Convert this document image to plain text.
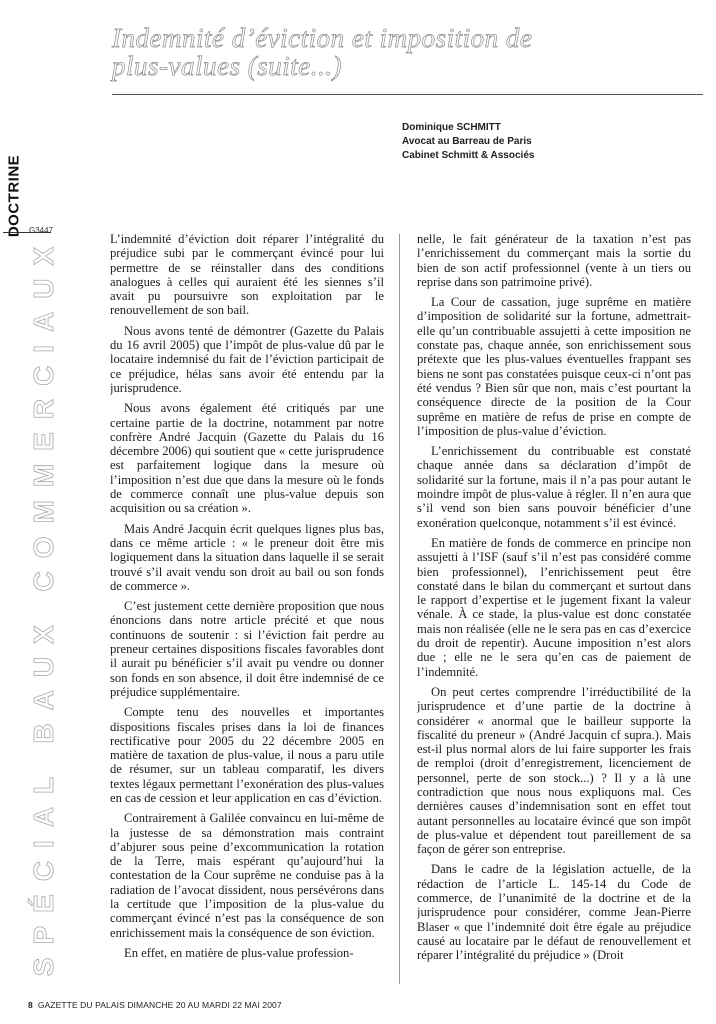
Indemnité d’éviction et imposition de
plus-values (suite...)
Dominique SCHMITT
Avocat au Barreau de Paris
Cabinet Schmitt & Associés
DOCTRINE G3447
SPÉCIAL BAUX COMMERCIAUX	L’indemnité d’éviction doit réparer l’intégralité du préjudice subi par le commerçant évincé pour lui permettre de se réinstaller dans des conditions analogues à celles qui auraient été les siennes s’il avait pu poursuivre son exploitation par le renouvellement de son bail.

Nous avons tenté de démontrer (Gazette du Palais du 16 avril 2005) que l’impôt de plus-value dû par le locataire indemnisé du fait de l’éviction participait de ce préjudice, hélas sans avoir été entendu par la jurisprudence.

Nous avons également été critiqués par une certaine partie de la doctrine, notamment par notre confrère André Jacquin (Gazette du Palais du 16 décembre 2006) qui soutient que « cette jurisprudence est parfaitement logique dans la mesure où l’imposition n’est due que dans la mesure où le fonds de commerce connaît une plus-value depuis son acquisition ou sa création ».

Mais André Jacquin écrit quelques lignes plus bas, dans ce même article : « le preneur doit être mis logiquement dans la situation dans laquelle il se serait trouvé s’il avait vendu son droit au bail ou son fonds de commerce ».

C’est justement cette dernière proposition que nous énoncions dans notre article précité et que nous continuons de soutenir : si l’éviction fait perdre au preneur certaines dispositions fiscales favorables dont il aurait pu bénéficier s’il avait pu vendre ou donner son fonds en son absence, il doit être indemnisé de ce préjudice supplémentaire.

Compte tenu des nouvelles et importantes dispositions fiscales prises dans la loi de finances rectificative pour 2005 du 22 décembre 2005 en matière de taxation de plus-value, il nous a paru utile de résumer, sur un tableau comparatif, les divers textes légaux permettant l’exonération des plus-values en cas de cession et leur application en cas d’éviction.

Contrairement à Galilée convaincu en lui-même de la justesse de sa démonstration mais contraint d’abjurer sous peine d’excommunication la rotation de la Terre, mais espérant qu’aujourd’hui la contestation de la Cour suprême ne conduise pas à la radiation de l’avocat dissident, nous persévérons dans la certitude que l’imposition de la plus-value du commerçant évincé n’est pas la conséquence de son enrichissement mais la conséquence de son éviction.

En effet, en matière de plus-value profession-

nelle, le fait générateur de la taxation n’est pas l’enrichissement du commerçant mais la sortie du bien de son actif professionnel (vente à un tiers ou reprise dans son patrimoine privé).

La Cour de cassation, juge suprême en matière d’imposition de solidarité sur la fortune, admettrait-elle qu’un contribuable assujetti à cette imposition ne constate pas, chaque année, son enrichissement sous prétexte que les plus-values éventuelles frappant ses biens ne sont pas constatées puisque ceux-ci n’ont pas été vendus ? Bien sûr que non, mais c’est pourtant la conséquence directe de la position de la Cour suprême en matière de refus de prise en compte de l’imposition de plus-value d’éviction.

L’enrichissement du contribuable est constaté chaque année dans sa déclaration d’impôt de solidarité sur la fortune, mais il n’a pas pour autant le moindre impôt de plus-value à régler. Il n’en aura que s’il vend son bien sans pouvoir bénéficier d’une exonération quelconque, notamment s’il est évincé.

En matière de fonds de commerce en principe non assujetti à l’ISF (sauf s’il n’est pas considéré comme bien professionnel), l’enrichissement peut être constaté dans le bilan du commerçant et surtout dans le rapport d’expertise et le jugement fixant la valeur vénale. À ce stade, la plus-value est donc constatée mais non réalisée (elle ne le sera pas en cas d’exercice du droit de repentir). Aucune imposition n’est alors due ; elle ne le sera qu’en cas de paiement de l’indemnité.

On peut certes comprendre l’irréductibilité de la jurisprudence et d’une partie de la doctrine à considérer « anormal que le bailleur supporte la fiscalité du preneur » (André Jacquin cf supra.). Mais est-il plus normal alors de lui faire supporter les frais de remploi (droit d’enregistrement, licenciement de personnel, perte de son stock...) ? Il y a là une contradiction que nous nous expliquons mal. Ces dernières causes d’indemnisation sont en effet tout autant personnelles au locataire évincé que son impôt de plus-value et dépendent tout pareillement de sa façon de gérer son entreprise.

Dans le cadre de la législation actuelle, de la rédaction de l’article L. 145-14 du Code de commerce, de l’unanimité de la doctrine et de la jurisprudence pour considérer, comme Jean-Pierre Blaser « que l’indemnité doit être égale au préjudice causé au locataire par le défaut de renouvellement et réparer l’intégralité du préjudice » (Droit

8 GAZETTE DU PALAIS DIMANCHE 20 AU MARDI 22 MAI 2007
